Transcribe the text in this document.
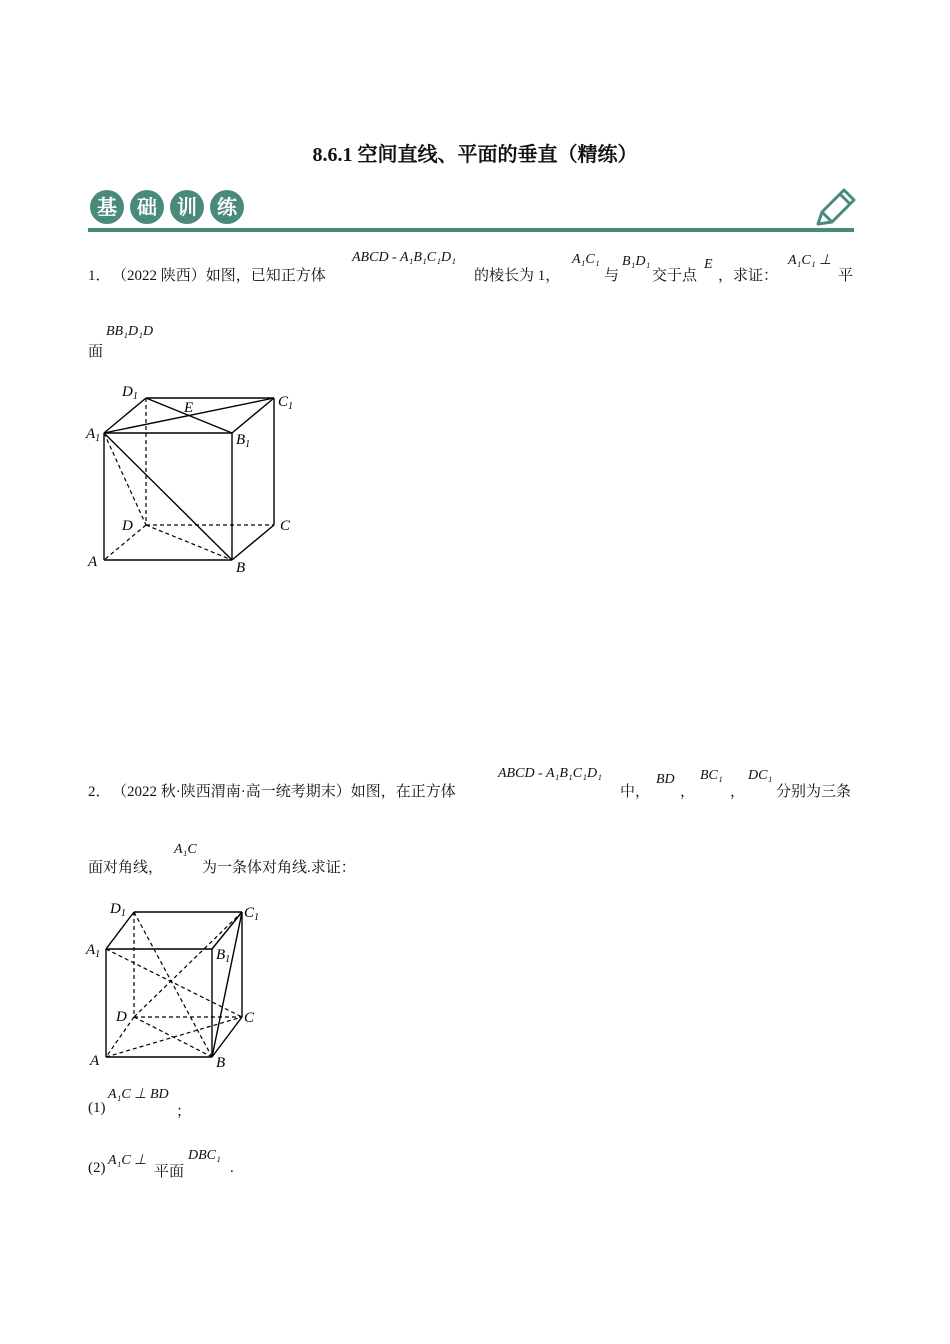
8.6.1 空间直线、平面的垂直（精练）
基	础	训	练
1． （2022 陕西）如图，已知正方体
ABCD - A₁B₁C₁D₁
的棱长为 1，
A₁C₁
与
B₁D₁
交于点
E
，求证：
A₁C₁ ⊥
平
BB₁D₁D
面
$D_1$	$C_1$
E
$A_1$	$B_1$
D	C
A	B
2． （2022 秋·陕西渭南·高一统考期末）如图，在正方体
ABCD - A₁B₁C₁D₁
中，
BD
，
BC₁
，
DC₁
分别为三条
面对角线，
A₁C
为一条体对角线.求证：
$D_1$	$C_1$
$A_1$	$B_1$
D	C
A	B
(1)
A₁C ⊥ BD
；
(2) A₁C ⊥
平面
DBC₁
.
